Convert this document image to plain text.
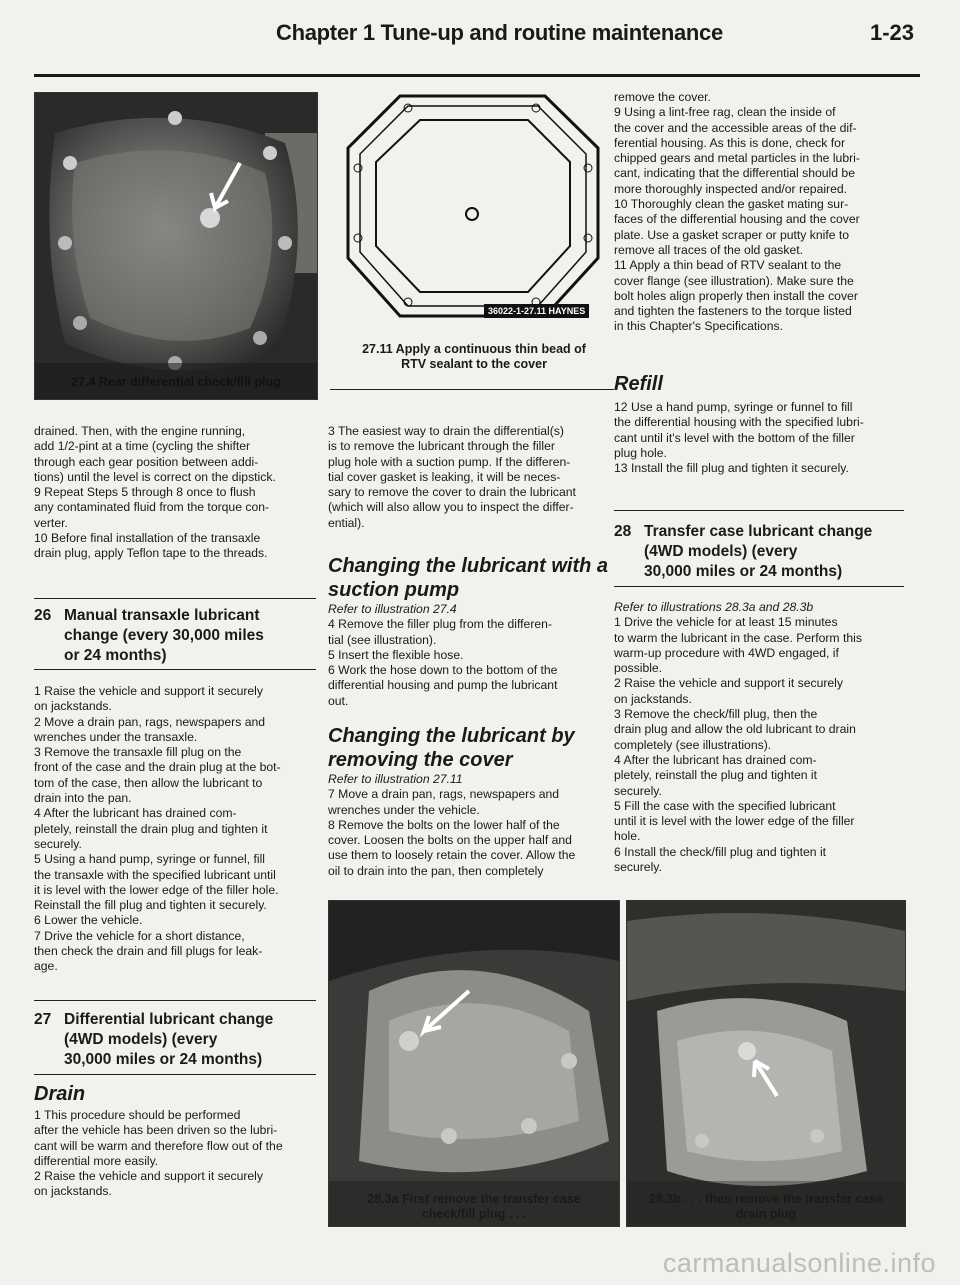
Chapter 1 Tune-up and routine maintenance	1-23
27.4 Rear differential check/fill plug

drained. Then, with the engine running,

add 1/2-pint at a time (cycling the shifter

through each gear position between addi-

tions) until the level is correct on the dipstick.

9 Repeat Steps 5 through 8 once to flush

any contaminated fluid from the torque con-

verter.

10 Before final installation of the transaxle

drain plug, apply Teflon tape to the threads.

26 Manual transaxle lubricant
change (every 30,000 miles
or 24 months)

1 Raise the vehicle and support it securely

on jackstands.

2 Move a drain pan, rags, newspapers and

wrenches under the transaxle.

3 Remove the transaxle fill plug on the

front of the case and the drain plug at the bot-

tom of the case, then allow the lubricant to

drain into the pan.

4 After the lubricant has drained com-

pletely, reinstall the drain plug and tighten it

securely.

5 Using a hand pump, syringe or funnel, fill

the transaxle with the specified lubricant until

it is level with the lower edge of the filler hole.

Reinstall the fill plug and tighten it securely.

6 Lower the vehicle.

7 Drive the vehicle for a short distance,

then check the drain and fill plugs for leak-

age.

27 Differential lubricant change
(4WD models) (every
30,000 miles or 24 months)
Drain

1 This procedure should be performed

after the vehicle has been driven so the lubri-

cant will be warm and therefore flow out of the

differential more easily.

2 Raise the vehicle and support it securely

on jackstands.

36022-1-27.11 HAYNES
27.11 Apply a continuous thin bead of
RTV sealant to the cover

3 The easiest way to drain the differential(s)

is to remove the lubricant through the filler

plug hole with a suction pump. If the differen-

tial cover gasket is leaking, it will be neces-

sary to remove the cover to drain the lubricant

(which will also allow you to inspect the differ-

ential).

Changing the lubricant with a
suction pump

Refer to illustration 27.4

4 Remove the filler plug from the differen-

tial (see illustration).

5 Insert the flexible hose.

6 Work the hose down to the bottom of the

differential housing and pump the lubricant

out.

Changing the lubricant by
removing the cover

Refer to illustration 27.11

7 Move a drain pan, rags, newspapers and

wrenches under the vehicle.

8 Remove the bolts on the lower half of the

cover. Loosen the bolts on the upper half and

use them to loosely retain the cover. Allow the

oil to drain into the pan, then completely

28.3a First remove the transfer case
check/fill plug . . .

remove the cover.

9 Using a lint-free rag, clean the inside of

the cover and the accessible areas of the dif-

ferential housing. As this is done, check for

chipped gears and metal particles in the lubri-

cant, indicating that the differential should be

more thoroughly inspected and/or repaired.

10 Thoroughly clean the gasket mating sur-

faces of the differential housing and the cover

plate. Use a gasket scraper or putty knife to

remove all traces of the old gasket.

11 Apply a thin bead of RTV sealant to the

cover flange (see illustration). Make sure the

bolt holes align properly then install the cover

and tighten the fasteners to the torque listed

in this Chapter's Specifications.

Refill

12 Use a hand pump, syringe or funnel to fill

the differential housing with the specified lubri-

cant until it's level with the bottom of the filler

plug hole.

13 Install the fill plug and tighten it securely.

28 Transfer case lubricant change
(4WD models) (every
30,000 miles or 24 months)

Refer to illustrations 28.3a and 28.3b

1 Drive the vehicle for at least 15 minutes

to warm the lubricant in the case. Perform this

warm-up procedure with 4WD engaged, if

possible.

2 Raise the vehicle and support it securely

on jackstands.

3 Remove the check/fill plug, then the

drain plug and allow the old lubricant to drain

completely (see illustrations).

4 After the lubricant has drained com-

pletely, reinstall the plug and tighten it

securely.

5 Fill the case with the specified lubricant

until it is level with the lower edge of the filler

hole.

6 Install the check/fill plug and tighten it

securely.

28.3b . . . then remove the transfer case
drain plug
carmanualsonline.info
